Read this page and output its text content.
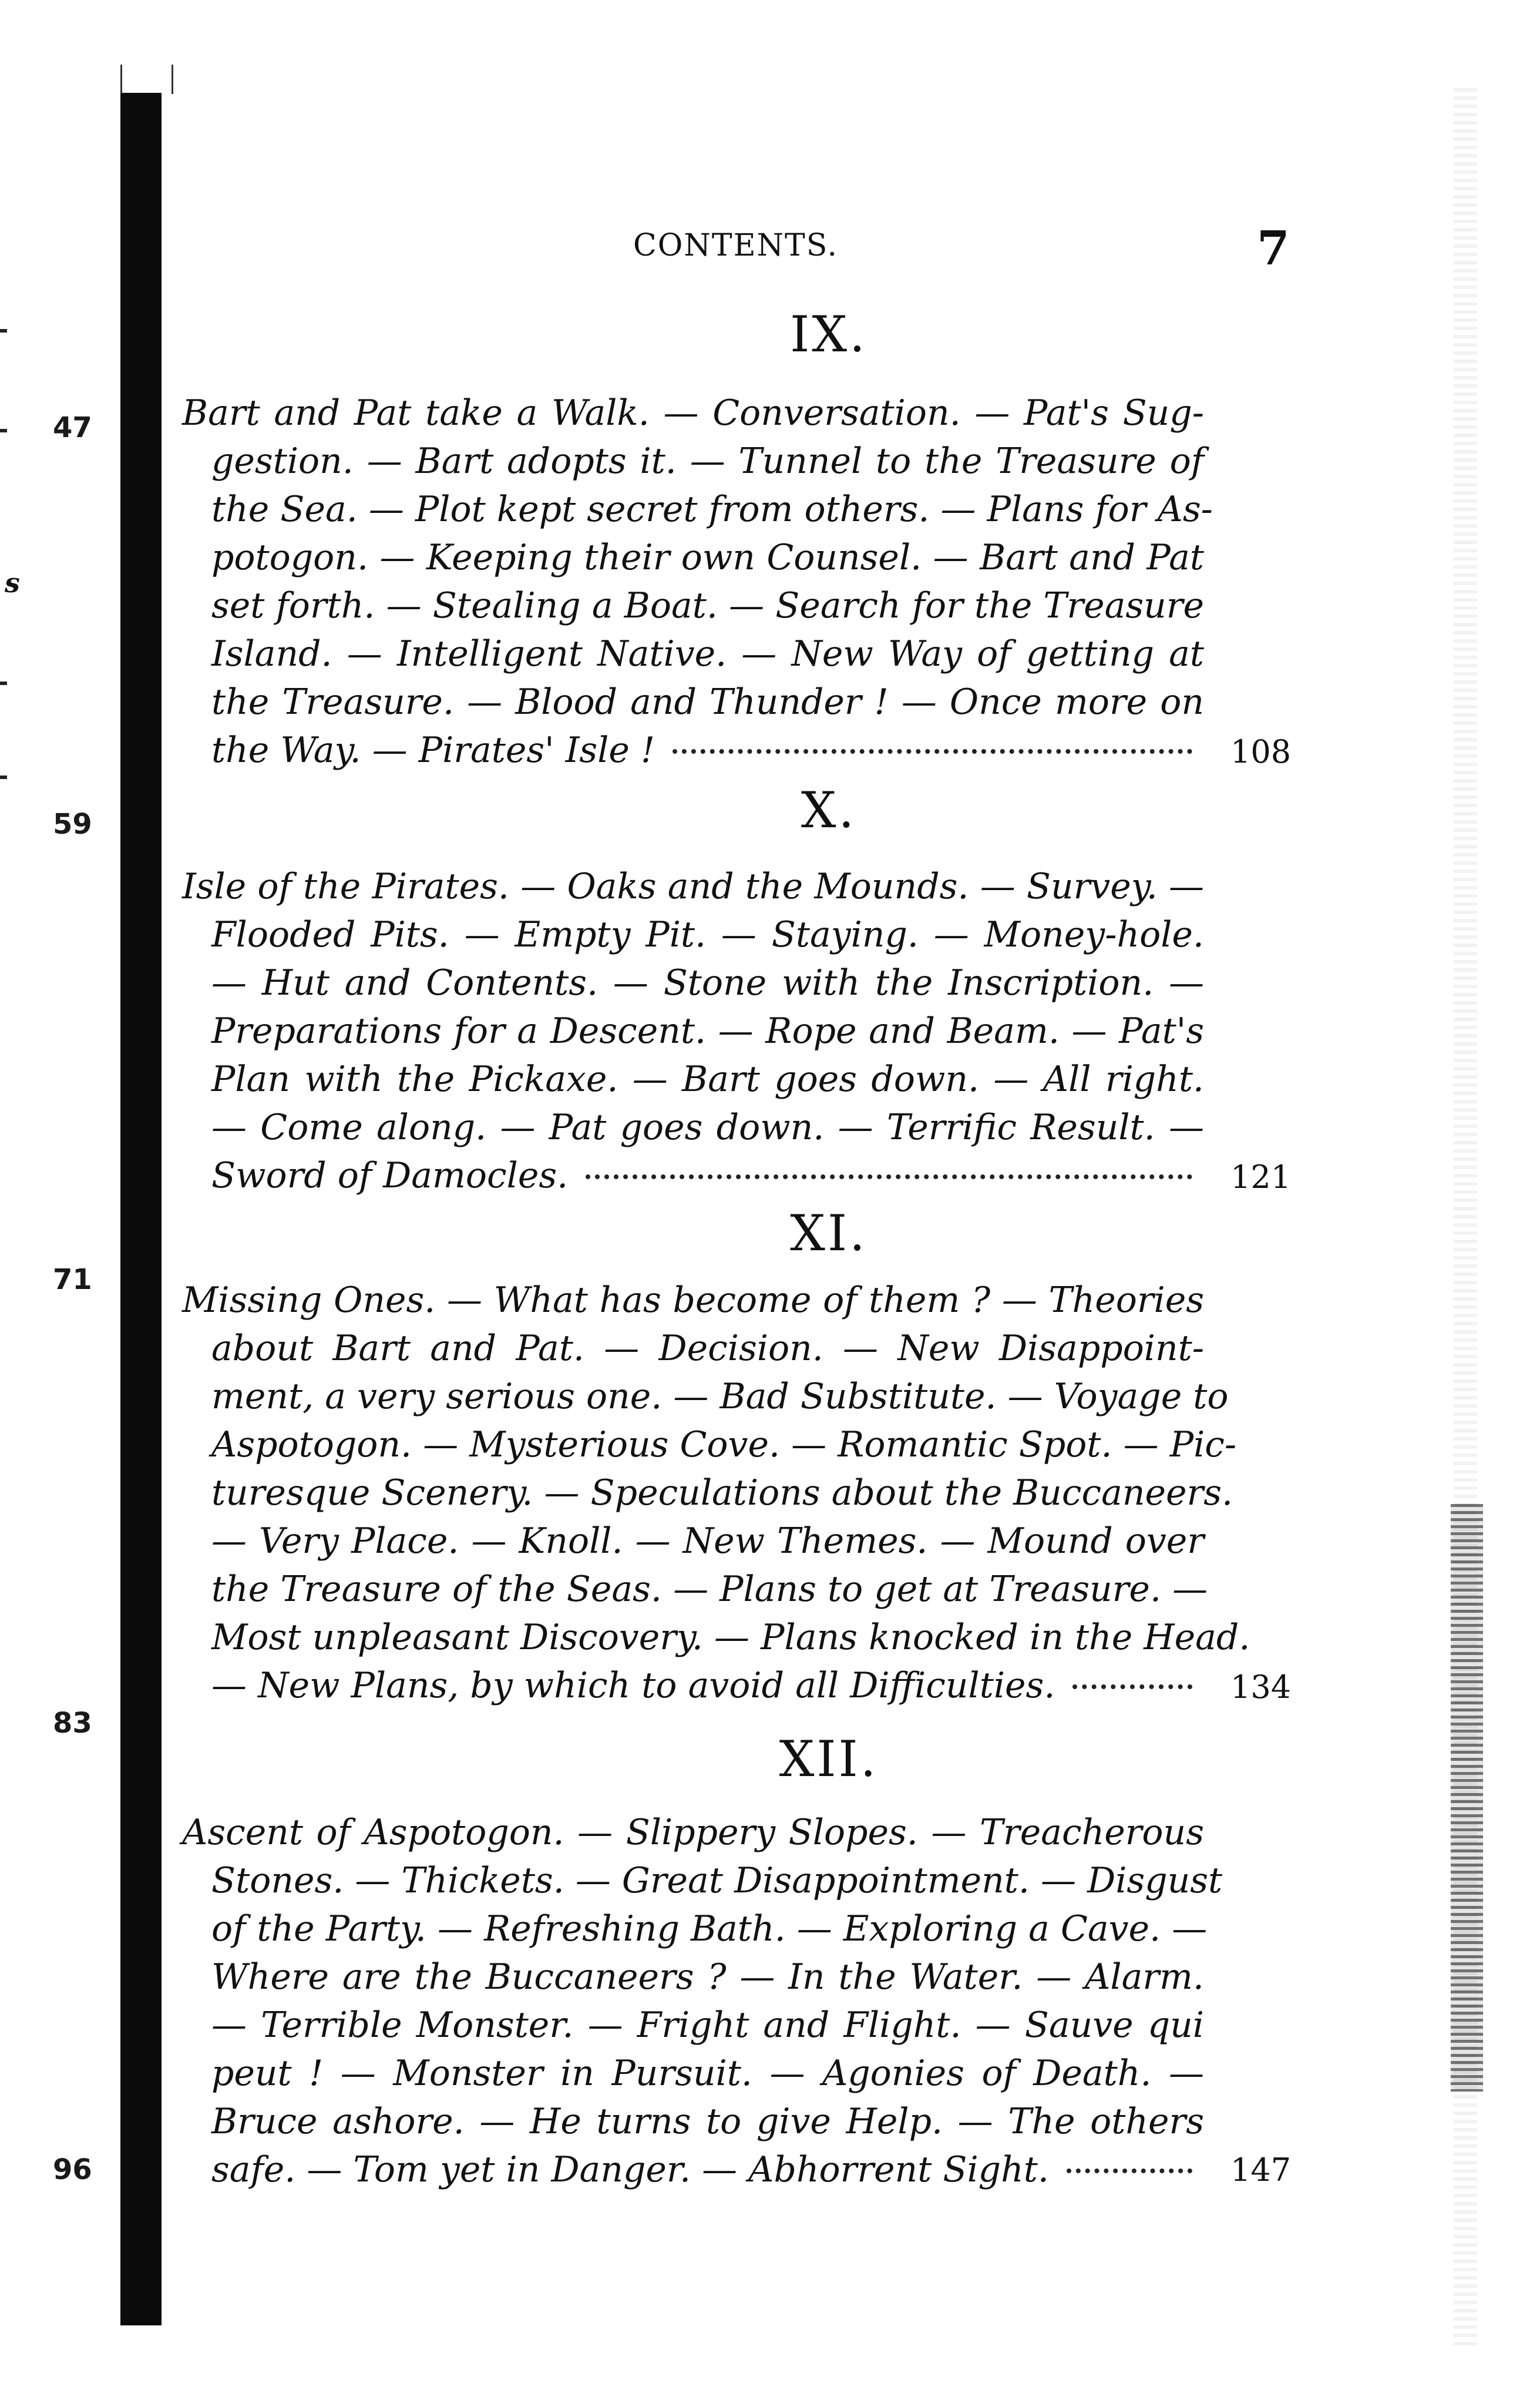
47
59
71
83
96
s
CONTENTS.	7
IX.
Bart and Pat take a Walk. — Conversation. — Pat's Sug-
gestion. — Bart adopts it. — Tunnel to the Treasure of
the Sea. — Plot kept secret from others. — Plans for As-
potogon. — Keeping their own Counsel. — Bart and Pat
set forth. — Stealing a Boat. — Search for the Treasure
Island. — Intelligent Native. — New Way of getting at
the Treasure. — Blood and Thunder ! — Once more on
the Way. — Pirates' Isle !	108
X.
Isle of the Pirates. — Oaks and the Mounds. — Survey. —
Flooded Pits. — Empty Pit. — Staying. — Money-hole.
— Hut and Contents. — Stone with the Inscription. —
Preparations for a Descent. — Rope and Beam. — Pat's
Plan with the Pickaxe. — Bart goes down. — All right.
— Come along. — Pat goes down. — Terrific Result. —
Sword of Damocles.	121
XI.
Missing Ones. — What has become of them ? — Theories
about Bart and Pat. — Decision. — New Disappoint-
ment, a very serious one. — Bad Substitute. — Voyage to
Aspotogon. — Mysterious Cove. — Romantic Spot. — Pic-
turesque Scenery. — Speculations about the Buccaneers.
— Very Place. — Knoll. — New Themes. — Mound over
the Treasure of the Seas. — Plans to get at Treasure. —
Most unpleasant Discovery. — Plans knocked in the Head.
— New Plans, by which to avoid all Difficulties.	134
XII.
Ascent of Aspotogon. — Slippery Slopes. — Treacherous
Stones. — Thickets. — Great Disappointment. — Disgust
of the Party. — Refreshing Bath. — Exploring a Cave. —
Where are the Buccaneers ? — In the Water. — Alarm.
— Terrible Monster. — Fright and Flight. — Sauve qui
peut ! — Monster in Pursuit. — Agonies of Death. —
Bruce ashore. — He turns to give Help. — The others
safe. — Tom yet in Danger. — Abhorrent Sight.	147
